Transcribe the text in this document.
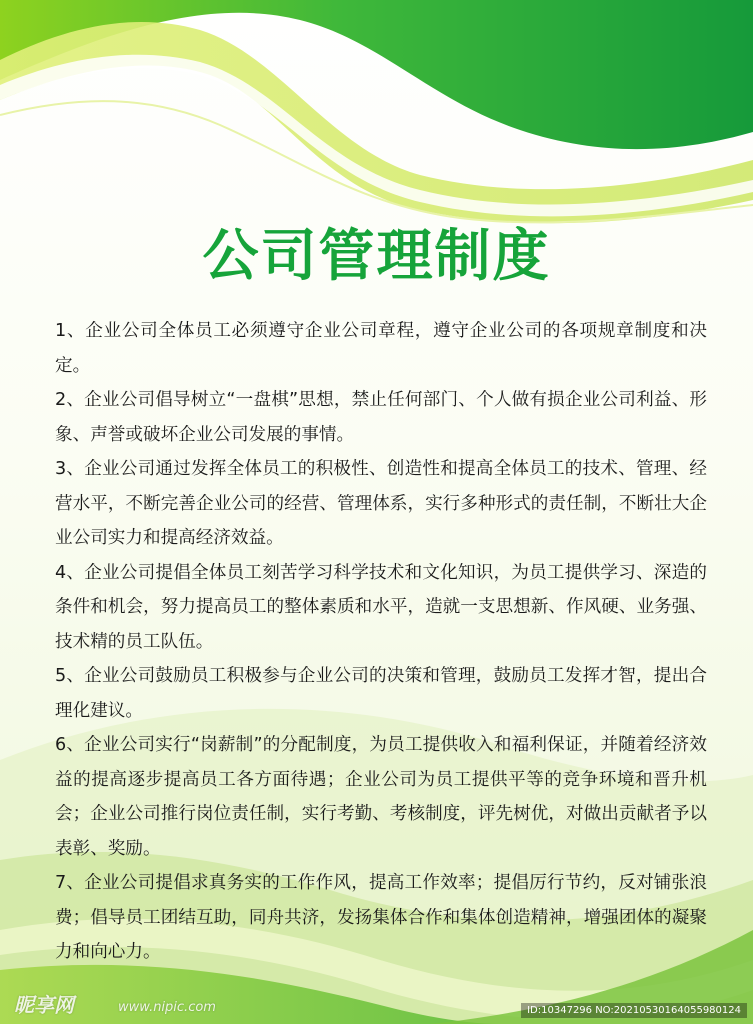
公司管理制度
1、企业公司全体员工必须遵守企业公司章程，遵守企业公司的各项规章制度和决定。
2、企业公司倡导树立“一盘棋”思想，禁止任何部门、个人做有损企业公司利益、形象、声誉或破坏企业公司发展的事情。
3、企业公司通过发挥全体员工的积极性、创造性和提高全体员工的技术、管理、经营水平，不断完善企业公司的经营、管理体系，实行多种形式的责任制，不断壮大企业公司实力和提高经济效益。
4、企业公司提倡全体员工刻苦学习科学技术和文化知识，为员工提供学习、深造的条件和机会，努力提高员工的整体素质和水平，造就一支思想新、作风硬、业务强、技术精的员工队伍。
5、企业公司鼓励员工积极参与企业公司的决策和管理，鼓励员工发挥才智，提出合理化建议。
6、企业公司实行“岗薪制”的分配制度，为员工提供收入和福利保证，并随着经济效益的提高逐步提高员工各方面待遇；企业公司为员工提供平等的竞争环境和晋升机会；企业公司推行岗位责任制，实行考勤、考核制度，评先树优，对做出贡献者予以表彰、奖励。
7、企业公司提倡求真务实的工作作风，提高工作效率；提倡厉行节约，反对铺张浪费；倡导员工团结互助，同舟共济，发扬集体合作和集体创造精神，增强团体的凝聚力和向心力。
昵享网	www.nipic.com	ID:10347296 NO:20210530164055980124
